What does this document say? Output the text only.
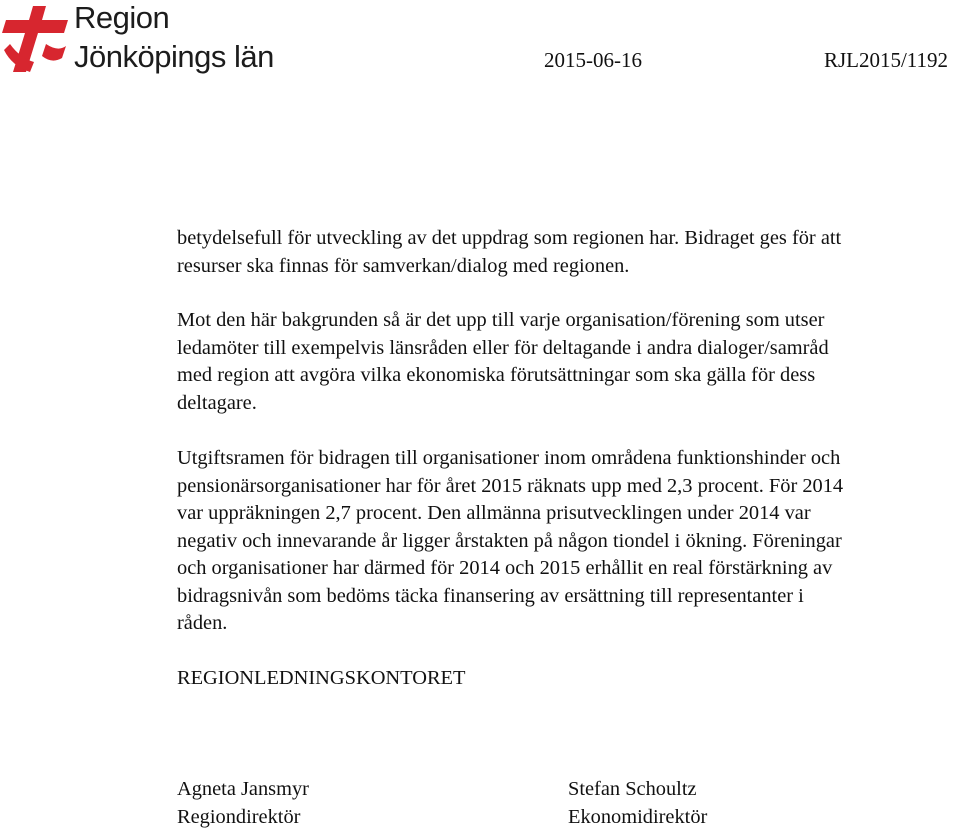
Region
Jönköpings län	2015-06-16	RJL2015/1192

betydelsefull för utveckling av det uppdrag som regionen har. Bidraget ges för att
resurser ska finnas för samverkan/dialog med regionen.

Mot den här bakgrunden så är det upp till varje organisation/förening som utser
ledamöter till exempelvis länsråden eller för deltagande i andra dialoger/samråd
med region att avgöra vilka ekonomiska förutsättningar som ska gälla för dess
deltagare.

Utgiftsramen för bidragen till organisationer inom områdena funktionshinder och
pensionärsorganisationer har för året 2015 räknats upp med 2,3 procent. För 2014
var uppräkningen 2,7 procent. Den allmänna prisutvecklingen under 2014 var
negativ och innevarande år ligger årstakten på någon tiondel i ökning. Föreningar
och organisationer har därmed för 2014 och 2015 erhållit en real förstärkning av
bidragsnivån som bedöms täcka finansering av ersättning till representanter i
råden.

REGIONLEDNINGSKONTORET
Agneta Jansmyr
Regiondirektör
Stefan Schoultz
Ekonomidirektör
